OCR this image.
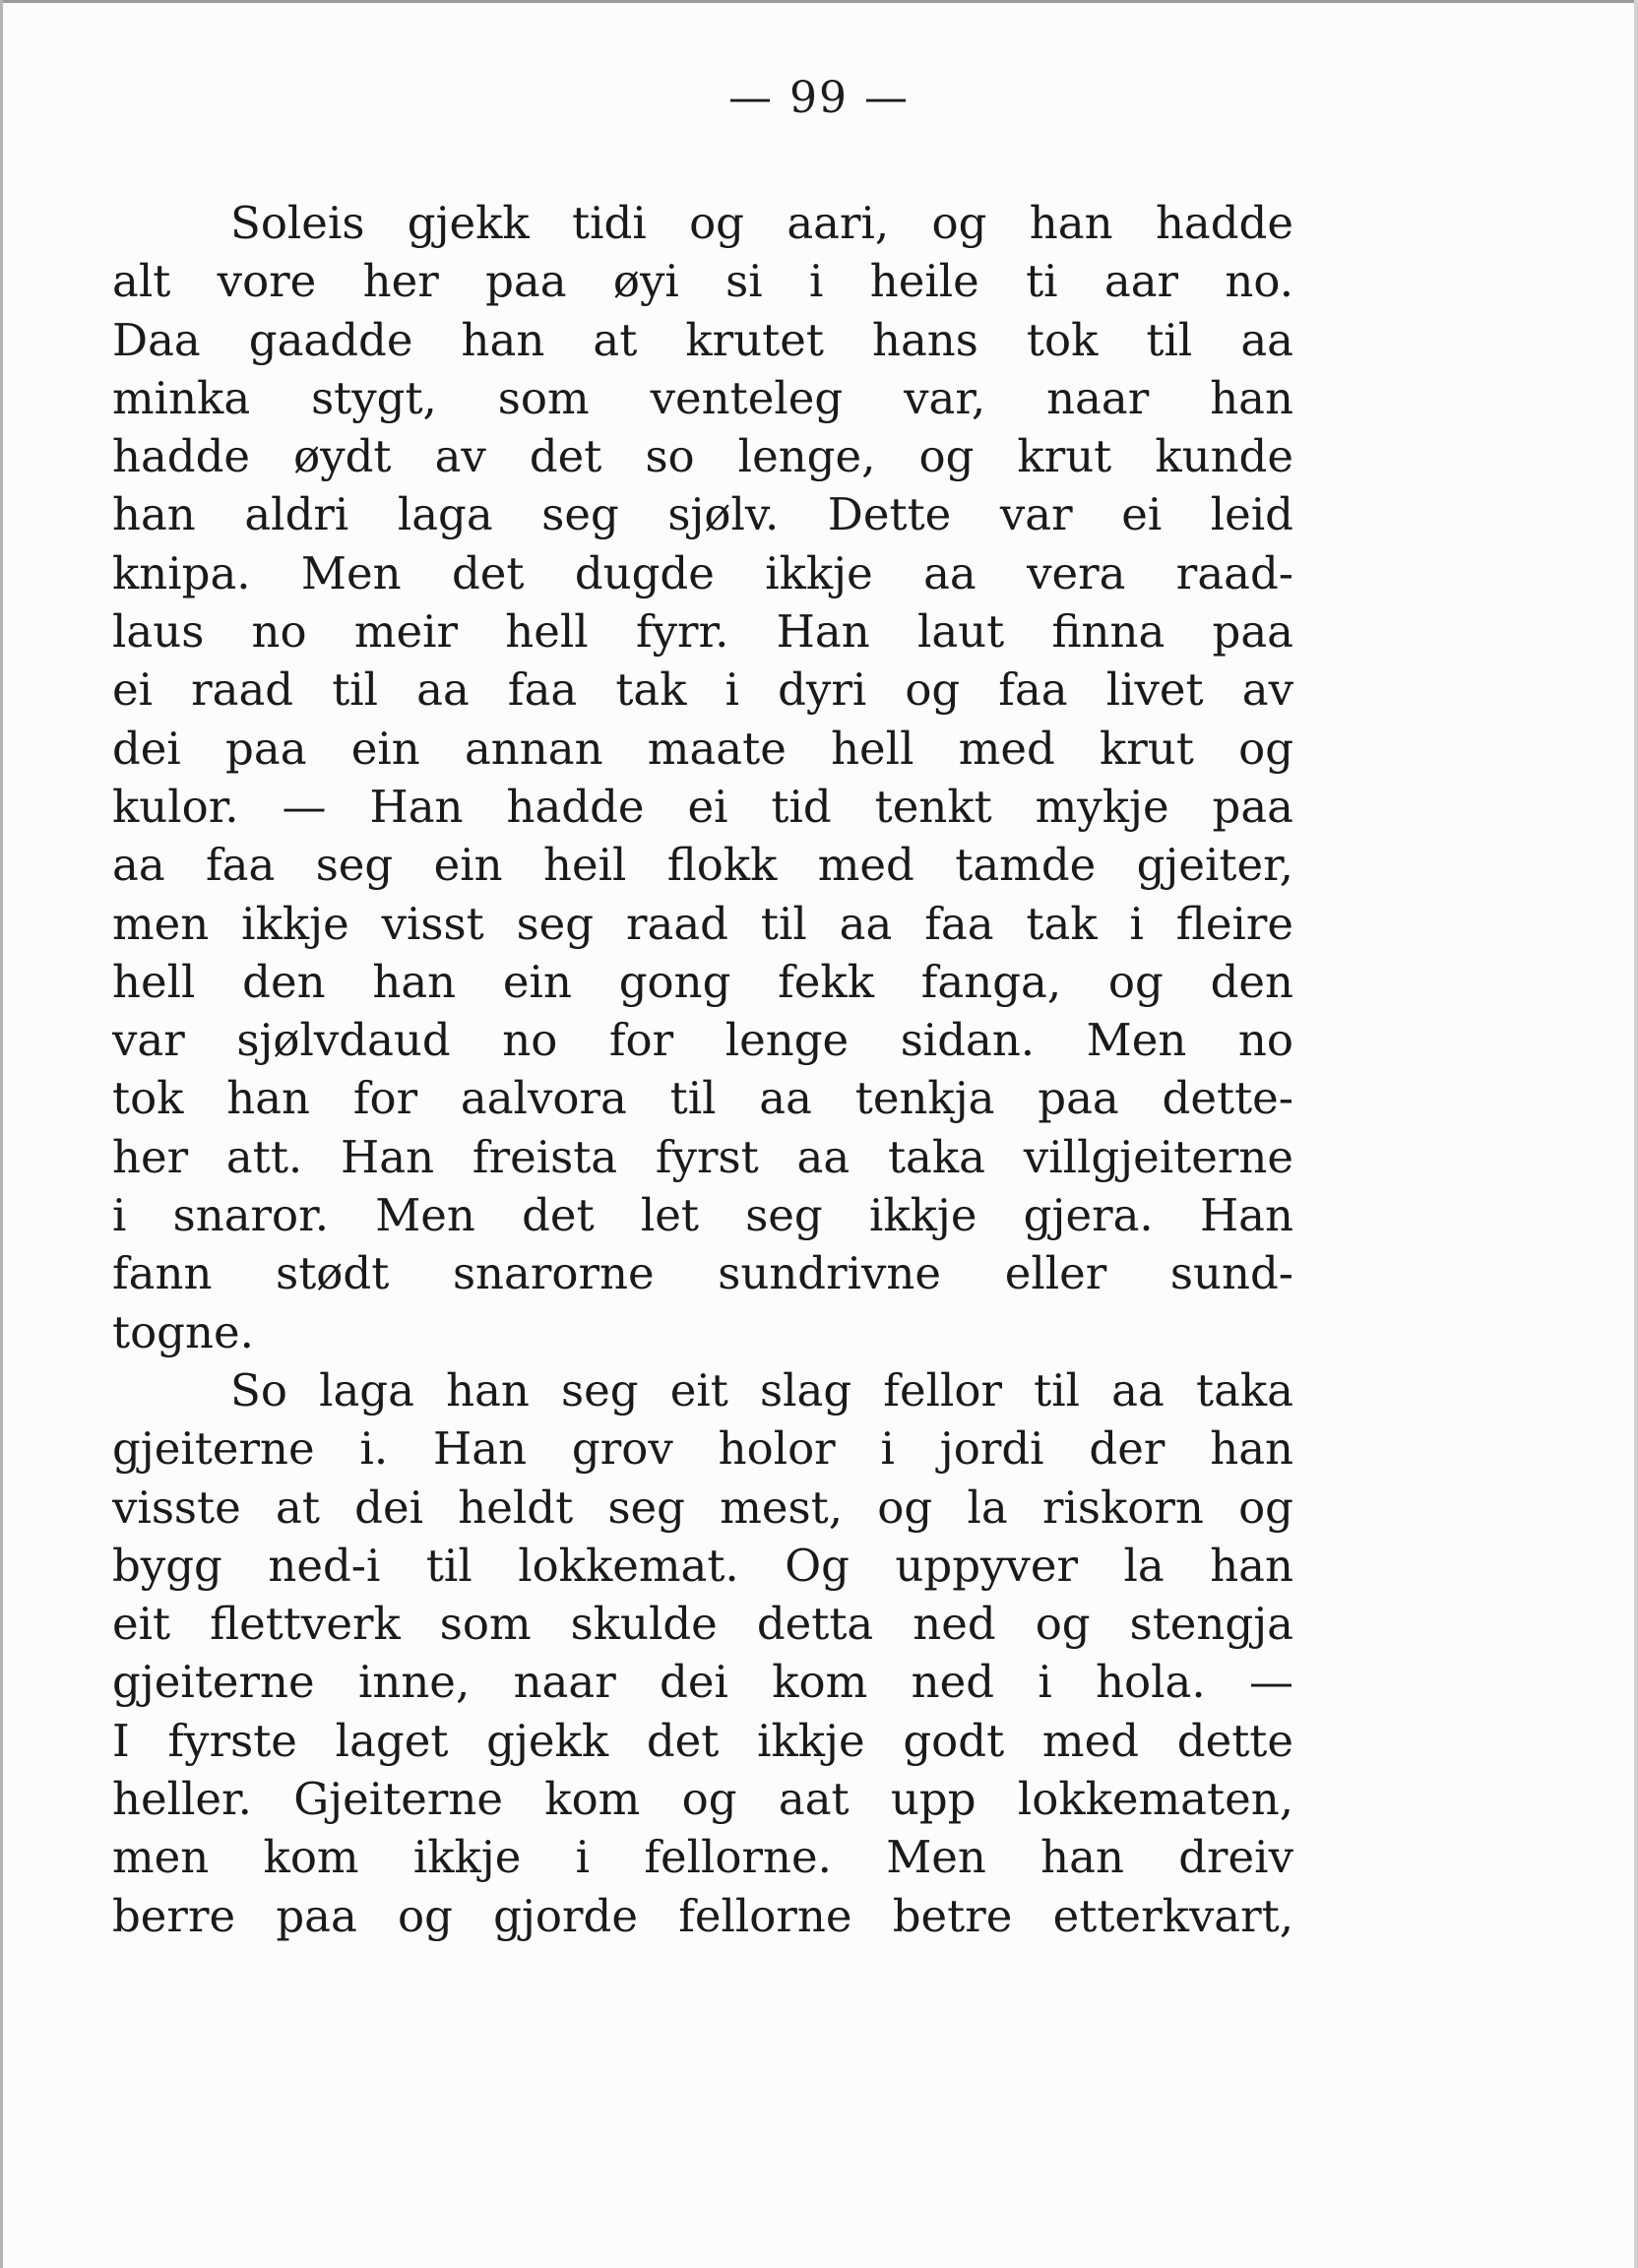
— 99 —
Soleis gjekk tidi og aari, og han hadde
alt vore her paa øyi si i heile ti aar no.
Daa gaadde han at krutet hans tok til aa
minka stygt, som venteleg var, naar han
hadde øydt av det so lenge, og krut kunde
han aldri laga seg sjølv. Dette var ei leid
knipa. Men det dugde ikkje aa vera raad-
laus no meir hell fyrr. Han laut finna paa
ei raad til aa faa tak i dyri og faa livet av
dei paa ein annan maate hell med krut og
kulor. — Han hadde ei tid tenkt mykje paa
aa faa seg ein heil flokk med tamde gjeiter,
men ikkje visst seg raad til aa faa tak i fleire
hell den han ein gong fekk fanga, og den
var sjølvdaud no for lenge sidan. Men no
tok han for aalvora til aa tenkja paa dette-
her att. Han freista fyrst aa taka villgjeiterne
i snaror. Men det let seg ikkje gjera. Han
fann stødt snarorne sundrivne eller sund-
togne.
So laga han seg eit slag fellor til aa taka
gjeiterne i. Han grov holor i jordi der han
visste at dei heldt seg mest, og la riskorn og
bygg ned-i til lokkemat. Og uppyver la han
eit flettverk som skulde detta ned og stengja
gjeiterne inne, naar dei kom ned i hola. —
I fyrste laget gjekk det ikkje godt med dette
heller. Gjeiterne kom og aat upp lokkematen,
men kom ikkje i fellorne. Men han dreiv
berre paa og gjorde fellorne betre etterkvart,
